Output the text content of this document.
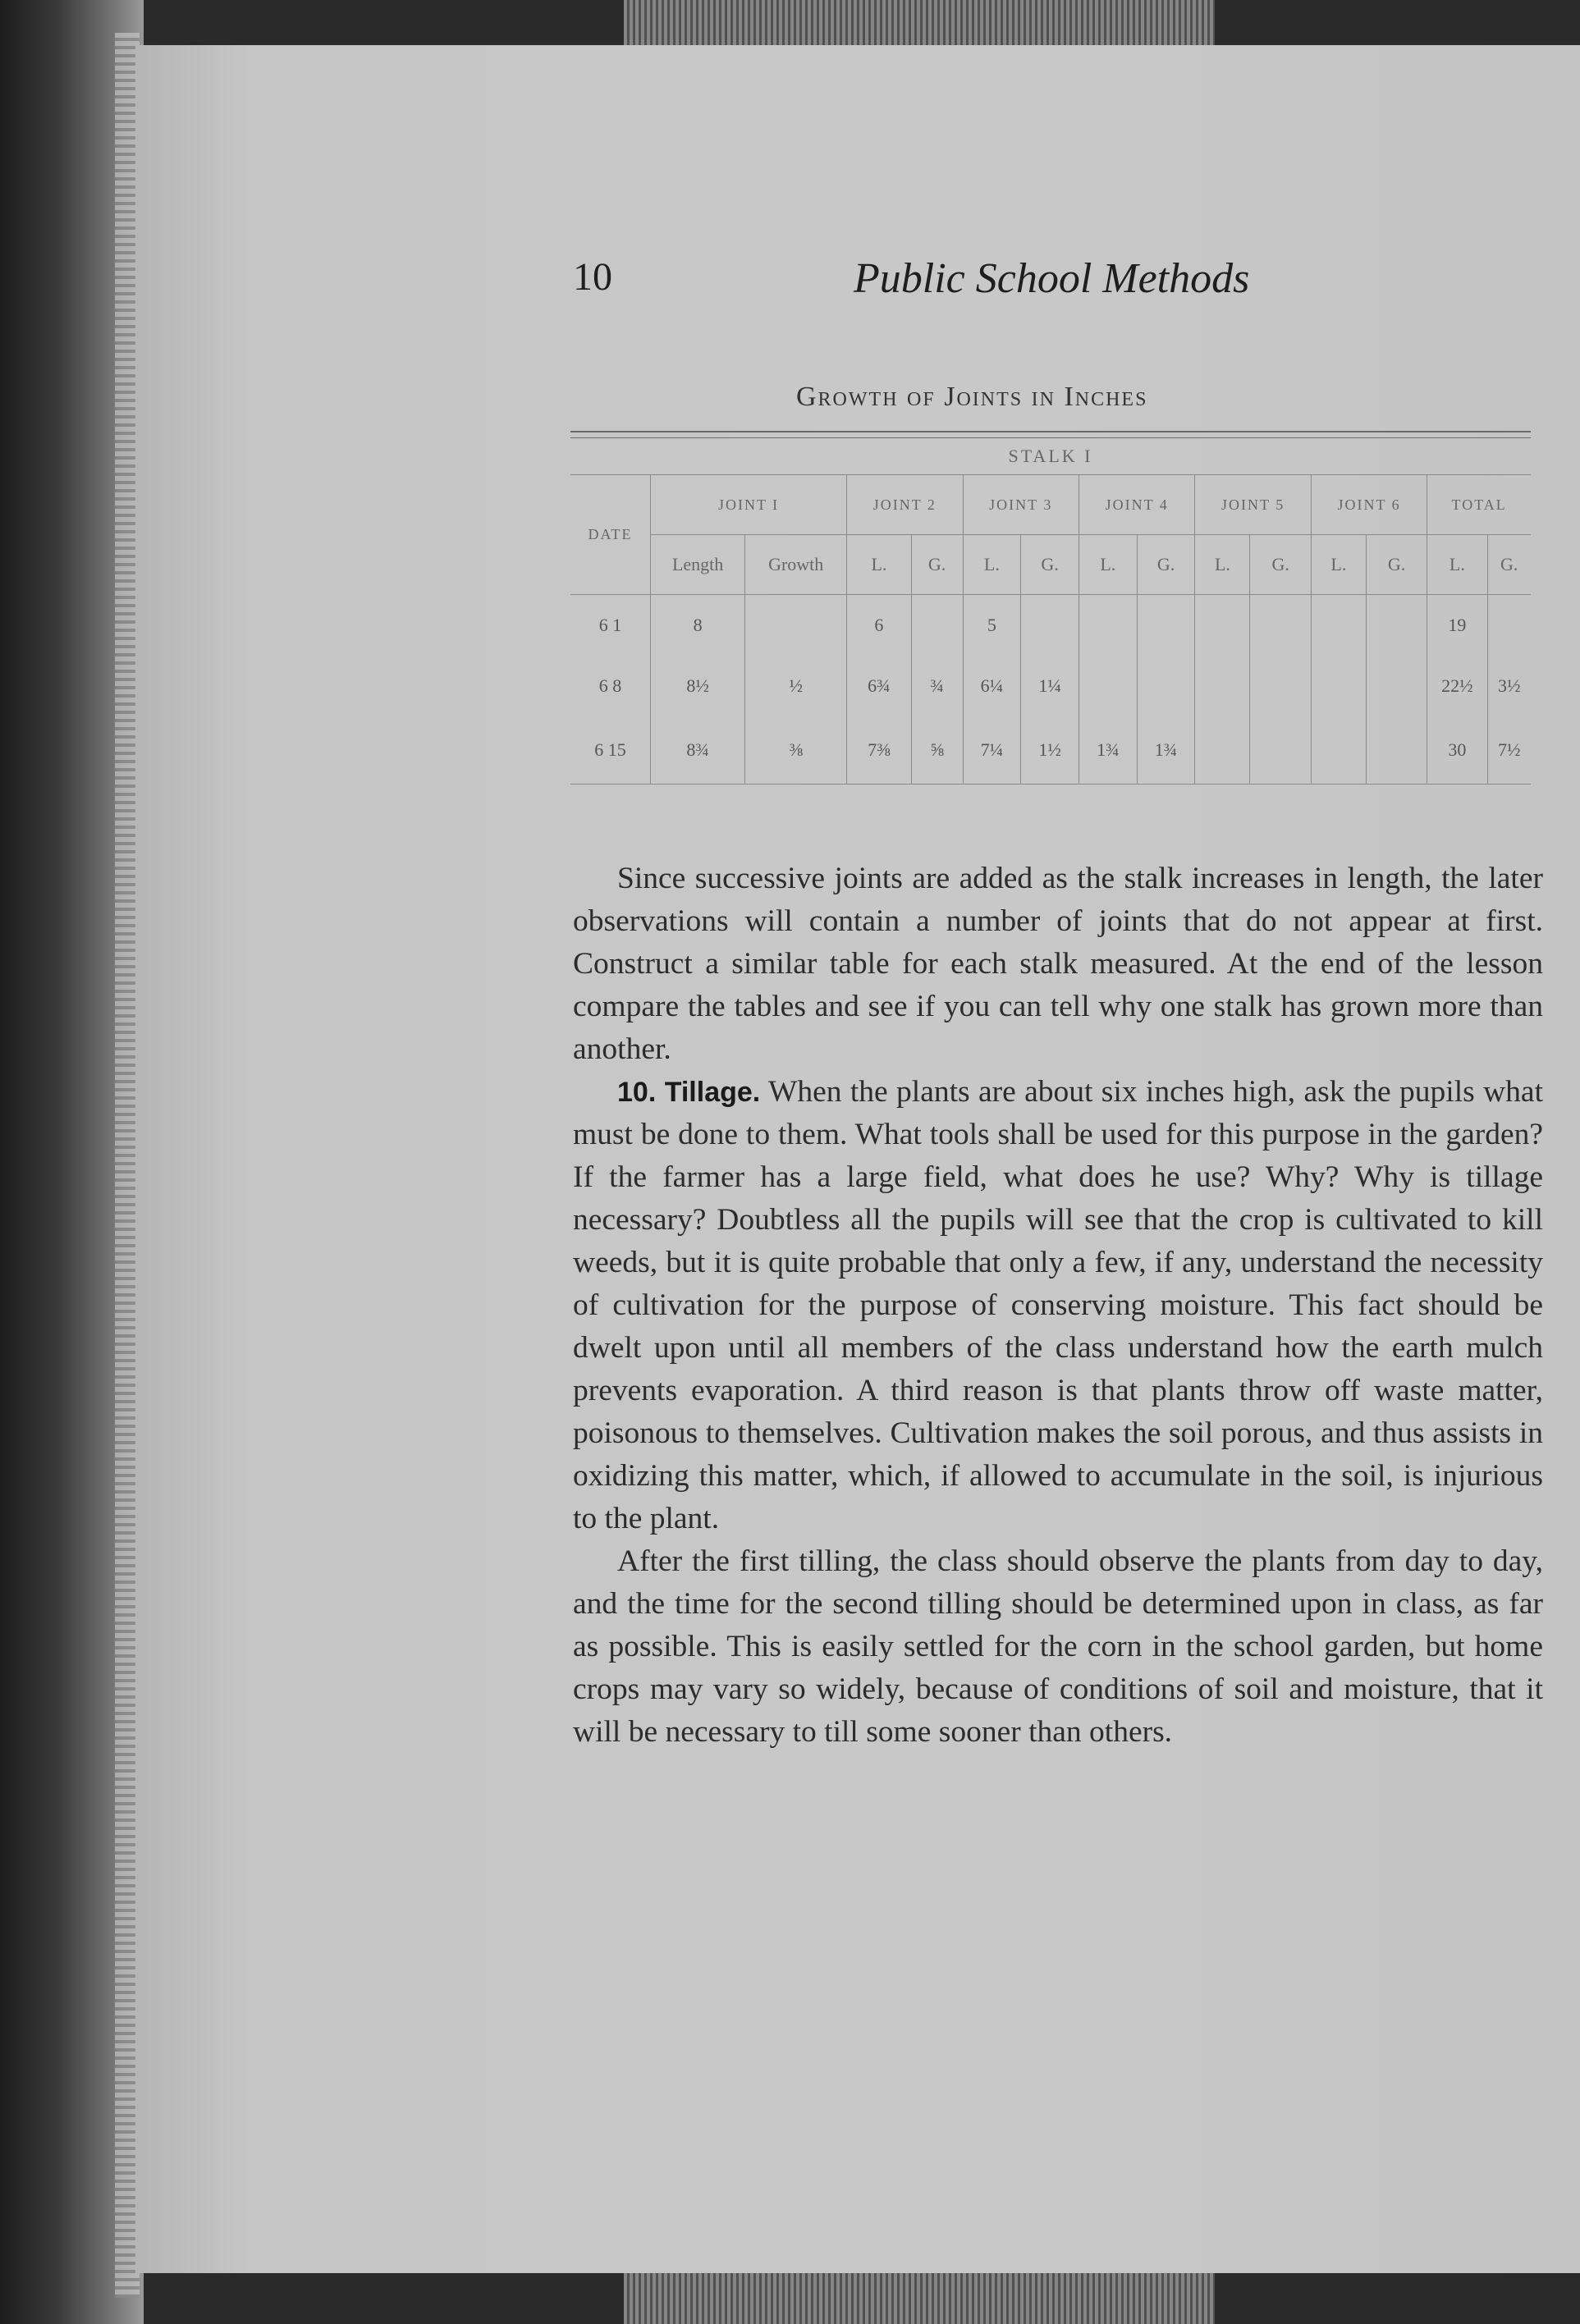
10	Public School Methods
Growth of Joints in Inches

STALK I														
DATE	JOINT I		JOINT 2		JOINT 3		JOINT 4		JOINT 5		JOINT 6		TOTAL	
	Length	Growth	L.	G.	L.	G.	L.	G.	L.	G.	L.	G.	L.	G.
6 1	8		6		5								19	
6 8	8½	½	6¾	¾	6¼	1¼							22½	3½
6 15	8¾	⅜	7⅜	⅝	7¼	1½	1¾	1¾					30	7½

Since successive joints are added as the stalk increases in length, the later observations will contain a number of joints that do not appear at first. Construct a similar table for each stalk measured. At the end of the lesson compare the tables and see if you can tell why one stalk has grown more than another.

10. Tillage. When the plants are about six inches high, ask the pupils what must be done to them. What tools shall be used for this purpose in the garden? If the farmer has a large field, what does he use? Why? Why is tillage necessary? Doubtless all the pupils will see that the crop is cultivated to kill weeds, but it is quite probable that only a few, if any, understand the necessity of cultivation for the purpose of conserving moisture. This fact should be dwelt upon until all members of the class understand how the earth mulch prevents evaporation. A third reason is that plants throw off waste matter, poisonous to themselves. Cultivation makes the soil porous, and thus assists in oxidizing this matter, which, if allowed to accumulate in the soil, is injurious to the plant.

After the first tilling, the class should observe the plants from day to day, and the time for the second tilling should be determined upon in class, as far as possible. This is easily settled for the corn in the school garden, but home crops may vary so widely, because of conditions of soil and moisture, that it will be necessary to till some sooner than others.
